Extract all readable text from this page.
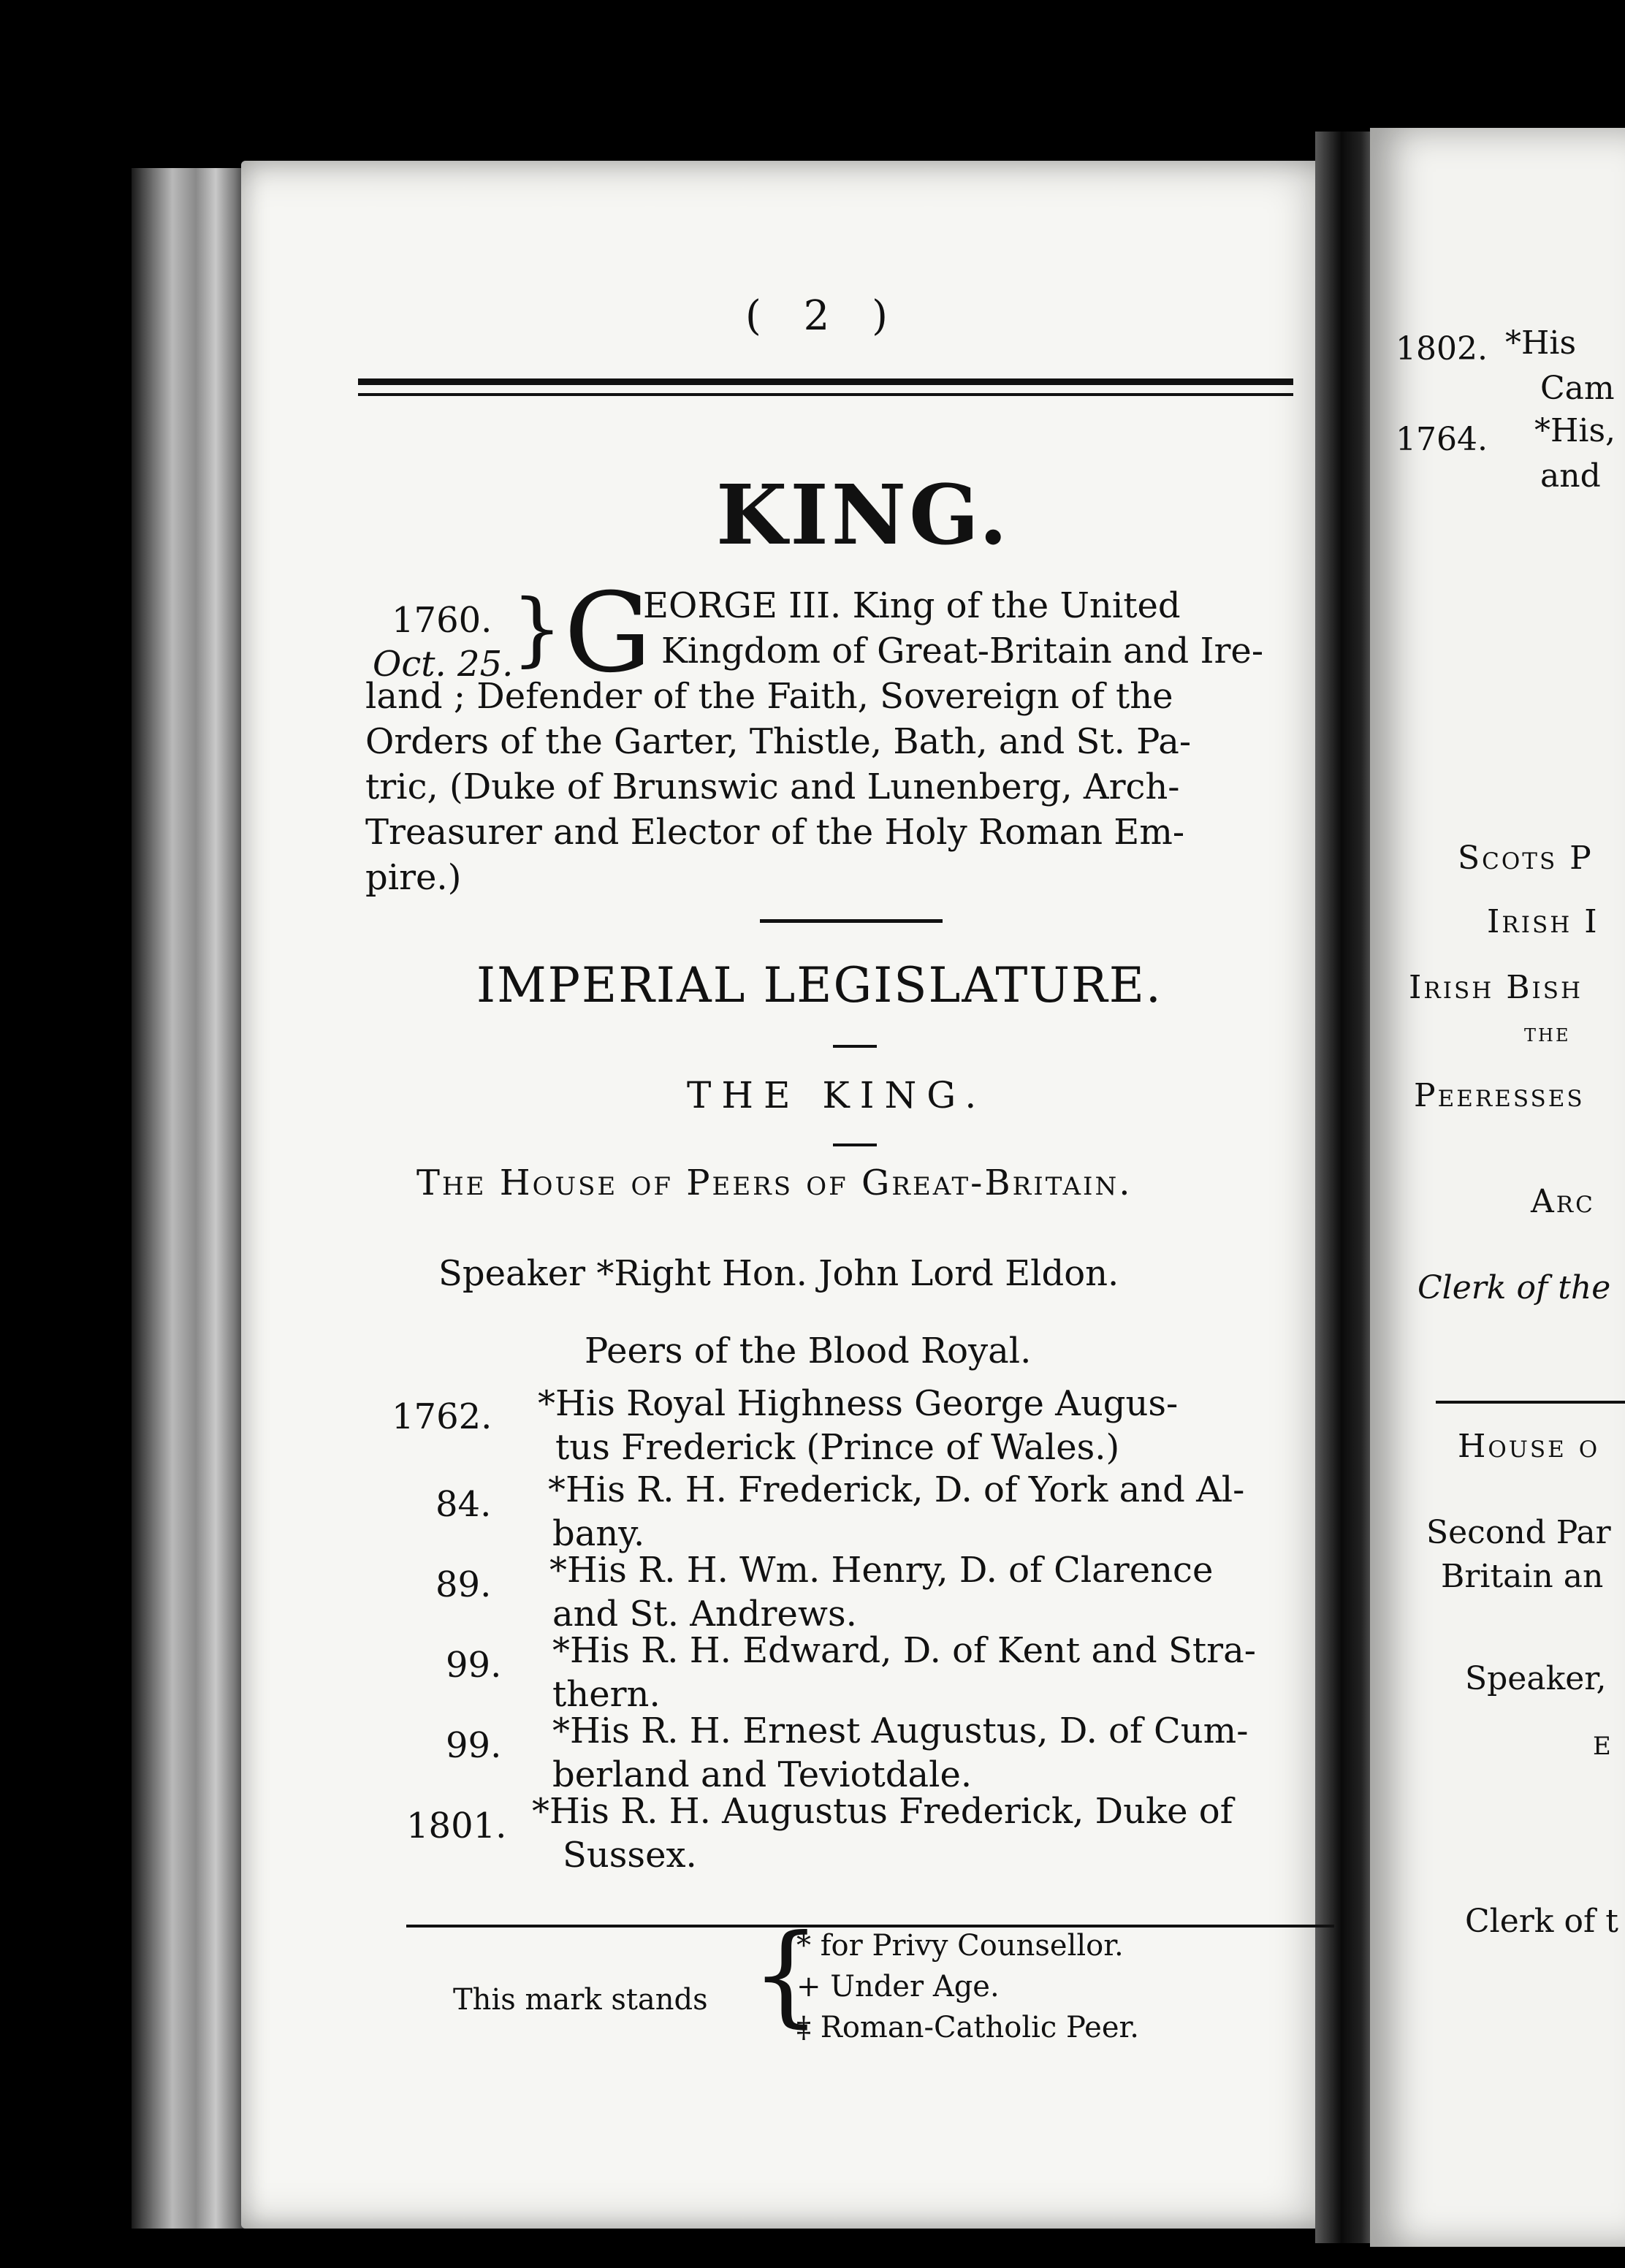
( 2 )
KING.
1760.
Oct. 25.
} G
EORGE III. King of the United
Kingdom of Great-Britain and Ire-
land ; Defender of the Faith, Sovereign of the
Orders of the Garter, Thistle, Bath, and St. Pa-
tric, (Duke of Brunswic and Lunenberg, Arch-
Treasurer and Elector of the Holy Roman Em-
pire.)
IMPERIAL LEGISLATURE.
THE KING.
The House of Peers of Great-Britain.
Speaker *Right Hon. John Lord Eldon.
Peers of the Blood Royal.
1762. *His Royal Highness George Augus-
tus Frederick (Prince of Wales.)
84. *His R. H. Frederick, D. of York and Al-
bany.
89. *His R. H. Wm. Henry, D. of Clarence
and St. Andrews.
99. *His R. H. Edward, D. of Kent and Stra-
thern.
99. *His R. H. Ernest Augustus, D. of Cum-
berland and Teviotdale.
1801. *His R. H. Augustus Frederick, Duke of
Sussex.
This mark stands {
* for Privy Counsellor.
+ Under Age.
‡ Roman-Catholic Peer.
1802. *His
Cam
1764. *His,
and
Scots P
Irish I
Irish Bish
the
Peeresses
Arc
Clerk of the
House o
Second Par
Britain an
Speaker,
E
Clerk of t
